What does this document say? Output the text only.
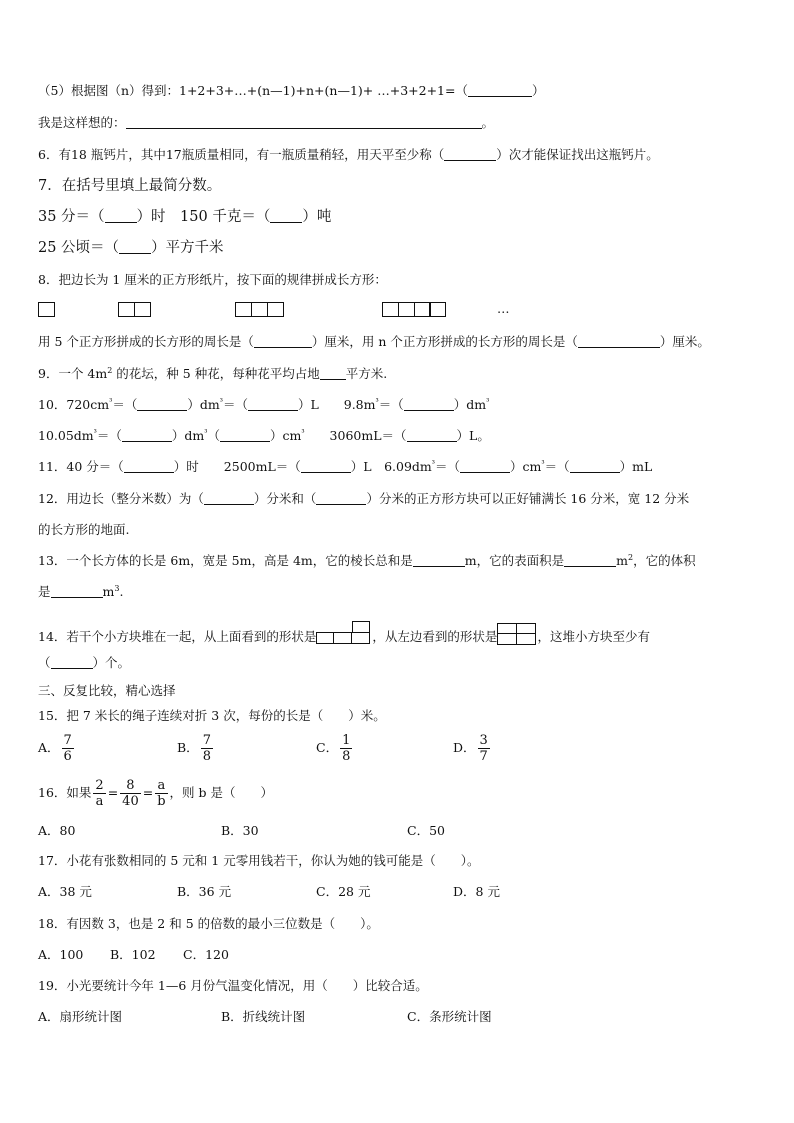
（5）根据图（n）得到：1+2+3+…+(n—1)+n+(n—1)+ …+3+2+1=（	）
我是这样想的：	。
6．有18 瓶钙片，其中17瓶质量相同，有一瓶质量稍轻，用天平至少称（	）次才能保证找出这瓶钙片。
7．在括号里填上最简分数。
35 分＝（ ）时　150 千克＝（ ）吨
25 公顷＝（ ）平方千米
8．把边长为 1 厘米的正方形纸片，按下面的规律拼成长方形：
…
用 5 个正方形拼成的长方形的周长是（	）厘米，用 n 个正方形拼成的长方形的周长是（	）厘米。
9．一个 $4m^2$ 的花坛，种 5 种花，每种花平均占地 平方米.
10．$720cm^{^3}=$（	）$dm^{^3}=$（	）L　　$9.8m^{^3}=$（	）$dm^{^3}$
$10.05dm^{^3}=$（	）$dm^{^3}$（	）$cm^{^3}$　　3060mL＝（	）L。
11．40 分＝（	）时　　2500mL＝（	）L　$6.09dm^{^3}=$（	）$cm^{^3}=$（	）mL
12．用边长（整分米数）为（	）分米和（	）分米的正方形方块可以正好铺满长 16 分米，宽 12 分米
的长方形的地面.
13．一个长方体的长是 6m，宽是 5m，高是 4m，它的棱长总和是	m，它的表面积是	$m^2$，它的体积
是	$m^3$.
14．若干个小方块堆在一起，从上面看到的形状是	，从左边看到的形状是	，这堆小方块至少有
（	）个。
三、反复比较，精心选择
15．把 7 米长的绳子连续对折 3 次，每份的长是（　　）米。
A． $\frac{7}{6}$	B． $\frac{7}{8}$	C． $\frac{1}{8}$	D． $\frac{3}{7}$
16．如果 $\frac{2}{a} = \frac{8}{40} = \frac{a}{b}$ ，则 b 是（　　）
A．80	B．30	C．50
17．小花有张数相同的 5 元和 1 元零用钱若干，你认为她的钱可能是（　　）。
A．38 元	B．36 元	C．28 元	D．8 元
18．有因数 3，也是 2 和 5 的倍数的最小三位数是（　　）。
A．100 B．102 C．120
19．小光要统计今年 1—6 月份气温变化情况，用（　　）比较合适。
A．扇形统计图	B．折线统计图	C．条形统计图
